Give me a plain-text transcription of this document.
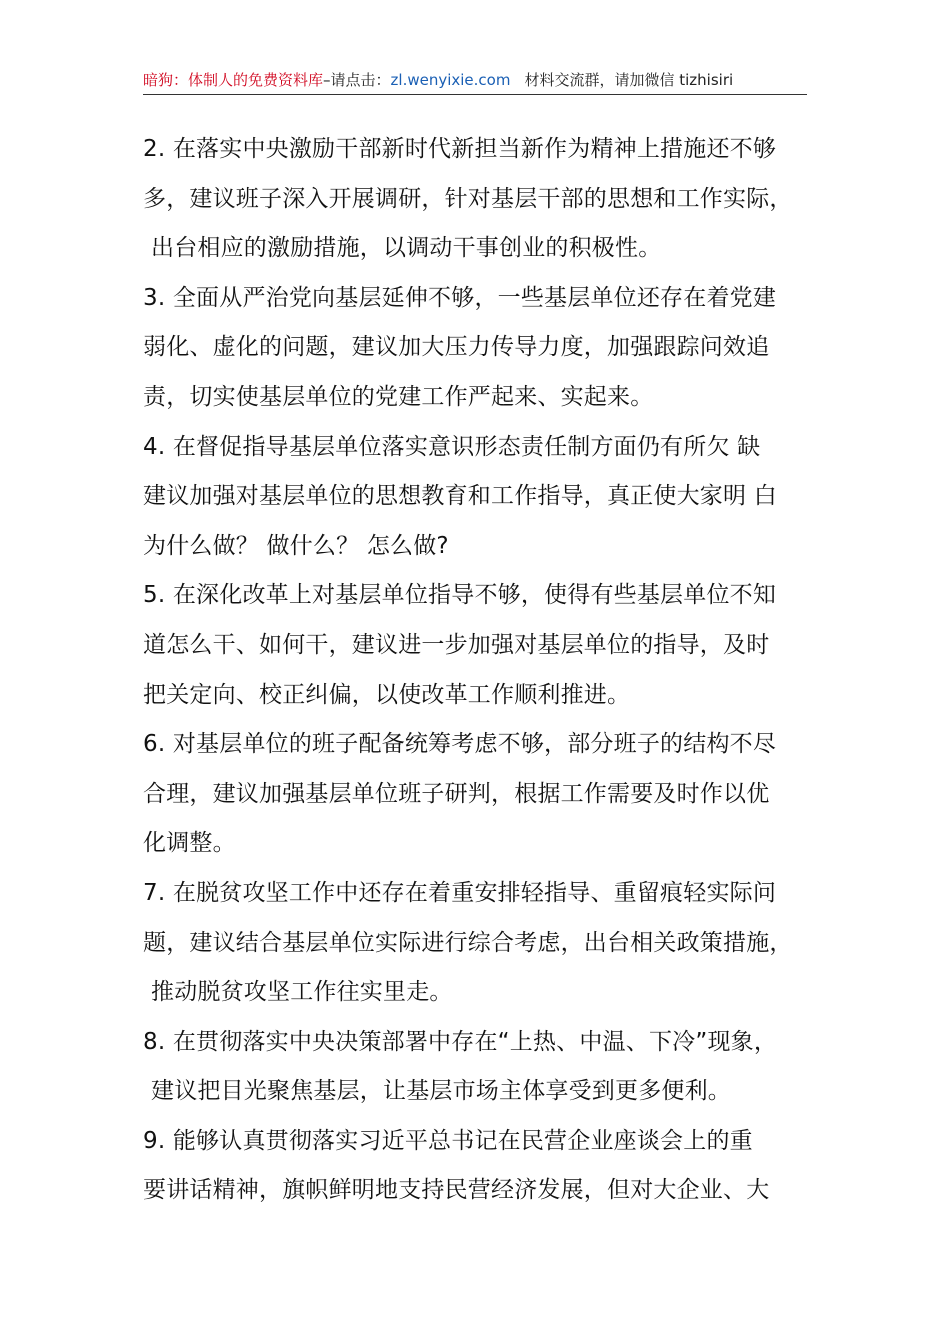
暗狗：体制人的免费资料库–请点击：zl.wenyixie.com 材料交流群，请加微信 tizhisiri
2. 在落实中央激励干部新时代新担当新作为精神上措施还不够
多，建议班子深入开展调研，针对基层干部的思想和工作实际，
出台相应的激励措施，以调动干事创业的积极性。
3. 全面从严治党向基层延伸不够，一些基层单位还存在着党建
弱化、虚化的问题，建议加大压力传导力度，加强跟踪问效追
责，切实使基层单位的党建工作严起来、实起来。
4. 在督促指导基层单位落实意识形态责任制方面仍有所欠 缺
建议加强对基层单位的思想教育和工作指导，真正使大家明 白
为什么做？ 做什么？ 怎么做?
5. 在深化改革上对基层单位指导不够，使得有些基层单位不知
道怎么干、如何干，建议进一步加强对基层单位的指导，及时
把关定向、校正纠偏，以使改革工作顺利推进。
6. 对基层单位的班子配备统筹考虑不够，部分班子的结构不尽
合理，建议加强基层单位班子研判，根据工作需要及时作以优
化调整。
7. 在脱贫攻坚工作中还存在着重安排轻指导、重留痕轻实际问
题，建议结合基层单位实际进行综合考虑，出台相关政策措施，
推动脱贫攻坚工作往实里走。
8. 在贯彻落实中央决策部署中存在“上热、中温、下冷”现象，
建议把目光聚焦基层，让基层市场主体享受到更多便利。
9. 能够认真贯彻落实习近平总书记在民营企业座谈会上的重
要讲话精神，旗帜鲜明地支持民营经济发展，但对大企业、大
